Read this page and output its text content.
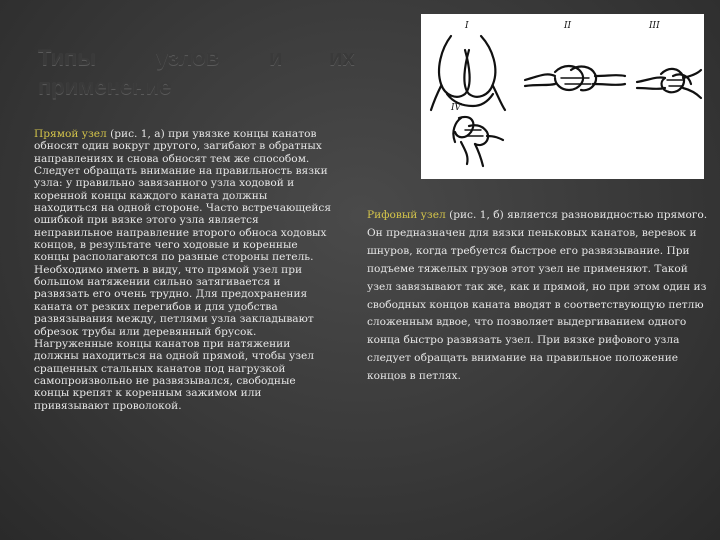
Типы	узлов и их
применение
Прямой узел (рис. 1, а) при увязке концы канатов обносят один вокруг другого, загибают в обратных направлениях и снова обносят тем же способом. Следует обращать внимание на правильность вязки узла: у правильно завязанного узла ходовой и коренной концы каждого каната должны находиться на одной стороне. Часто встречающейся ошибкой при вязке этого узла является неправильное направление второго обноса ходовых концов, в результате чего ходовые и коренные концы располагаются по разные стороны петель. Необходимо иметь в виду, что прямой узел при большом натяжении сильно затягивается и развязать его очень трудно. Для предохранения каната от резких перегибов и для удобства развязывания между, петлями узла закладывают обрезок трубы или деревянный брусок. Нагруженные концы канатов при натяжении должны находиться на одной прямой, чтобы узел сращенных стальных канатов под нагрузкой самопроизвольно не развязывался, свободные концы крепят к коренным зажимом или привязывают проволокой.
I	II	III
IV
Рифовый узел (рис. 1, б) является разновидностью прямого. Он предназначен для вязки пеньковых канатов, веревок и шнуров, когда требуется быстрое его развязывание. При подъеме тяжелых грузов этот узел не применяют. Такой узел завязывают так же, как и прямой, но при этом один из свободных концов каната вводят в соответствующую петлю сложенным вдвое, что позволяет выдергиванием одного конца быстро развязать узел. При вязке рифового узла следует обращать внимание на правильное положение концов в петлях.
